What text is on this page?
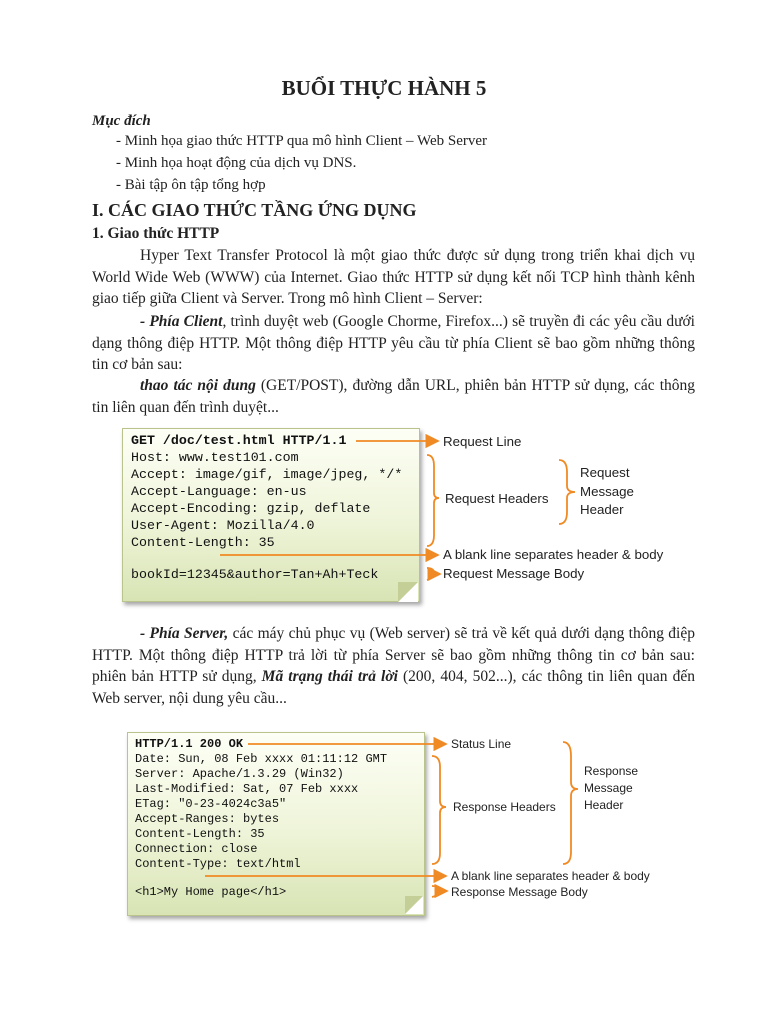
BUỔI THỰC HÀNH 5
Mục đích
- Minh họa giao thức HTTP qua mô hình Client – Web Server
- Minh họa hoạt động của dịch vụ DNS.
- Bài tập ôn tập tổng hợp
I. CÁC GIAO THỨC TẦNG ỨNG DỤNG
1. Giao thức HTTP
Hyper Text Transfer Protocol là một giao thức được sử dụng trong triển khai dịch vụ World Wide Web (WWW) của Internet. Giao thức HTTP sử dụng kết nối TCP hình thành kênh giao tiếp giữa Client và Server. Trong mô hình Client – Server:
- Phía Client, trình duyệt web (Google Chorme, Firefox...) sẽ truyền đi các yêu cầu dưới dạng thông điệp HTTP. Một thông điệp HTTP yêu cầu từ phía Client sẽ bao gồm những thông tin cơ bản sau:
thao tác nội dung (GET/POST), đường dẫn URL, phiên bản HTTP sử dụng, các thông tin liên quan đến trình duyệt...
GET /doc/test.html HTTP/1.1
Host: www.test101.com
Accept: image/gif, image/jpeg, */*
Accept-Language: en-us
Accept-Encoding: gzip, deflate
User-Agent: Mozilla/4.0
Content-Length: 35
bookId=12345&author=Tan+Ah+Teck
Request Line
Request Headers
Request
Message
Header
A blank line separates header & body
Request Message Body
- Phía Server, các máy chủ phục vụ (Web server) sẽ trả về kết quả dưới dạng thông điệp HTTP. Một thông điệp HTTP trả lời từ phía Server sẽ bao gồm những thông tin cơ bản sau: phiên bản HTTP sử dụng, Mã trạng thái trả lời (200, 404, 502...), các thông tin liên quan đến Web server, nội dung yêu cầu...
HTTP/1.1 200 OK
Date: Sun, 08 Feb xxxx 01:11:12 GMT
Server: Apache/1.3.29 (Win32)
Last-Modified: Sat, 07 Feb xxxx
ETag: "0-23-4024c3a5"
Accept-Ranges: bytes
Content-Length: 35
Connection: close
Content-Type: text/html
<h1>My Home page</h1>
Status Line
Response Headers
Response
Message
Header
A blank line separates header & body
Response Message Body
